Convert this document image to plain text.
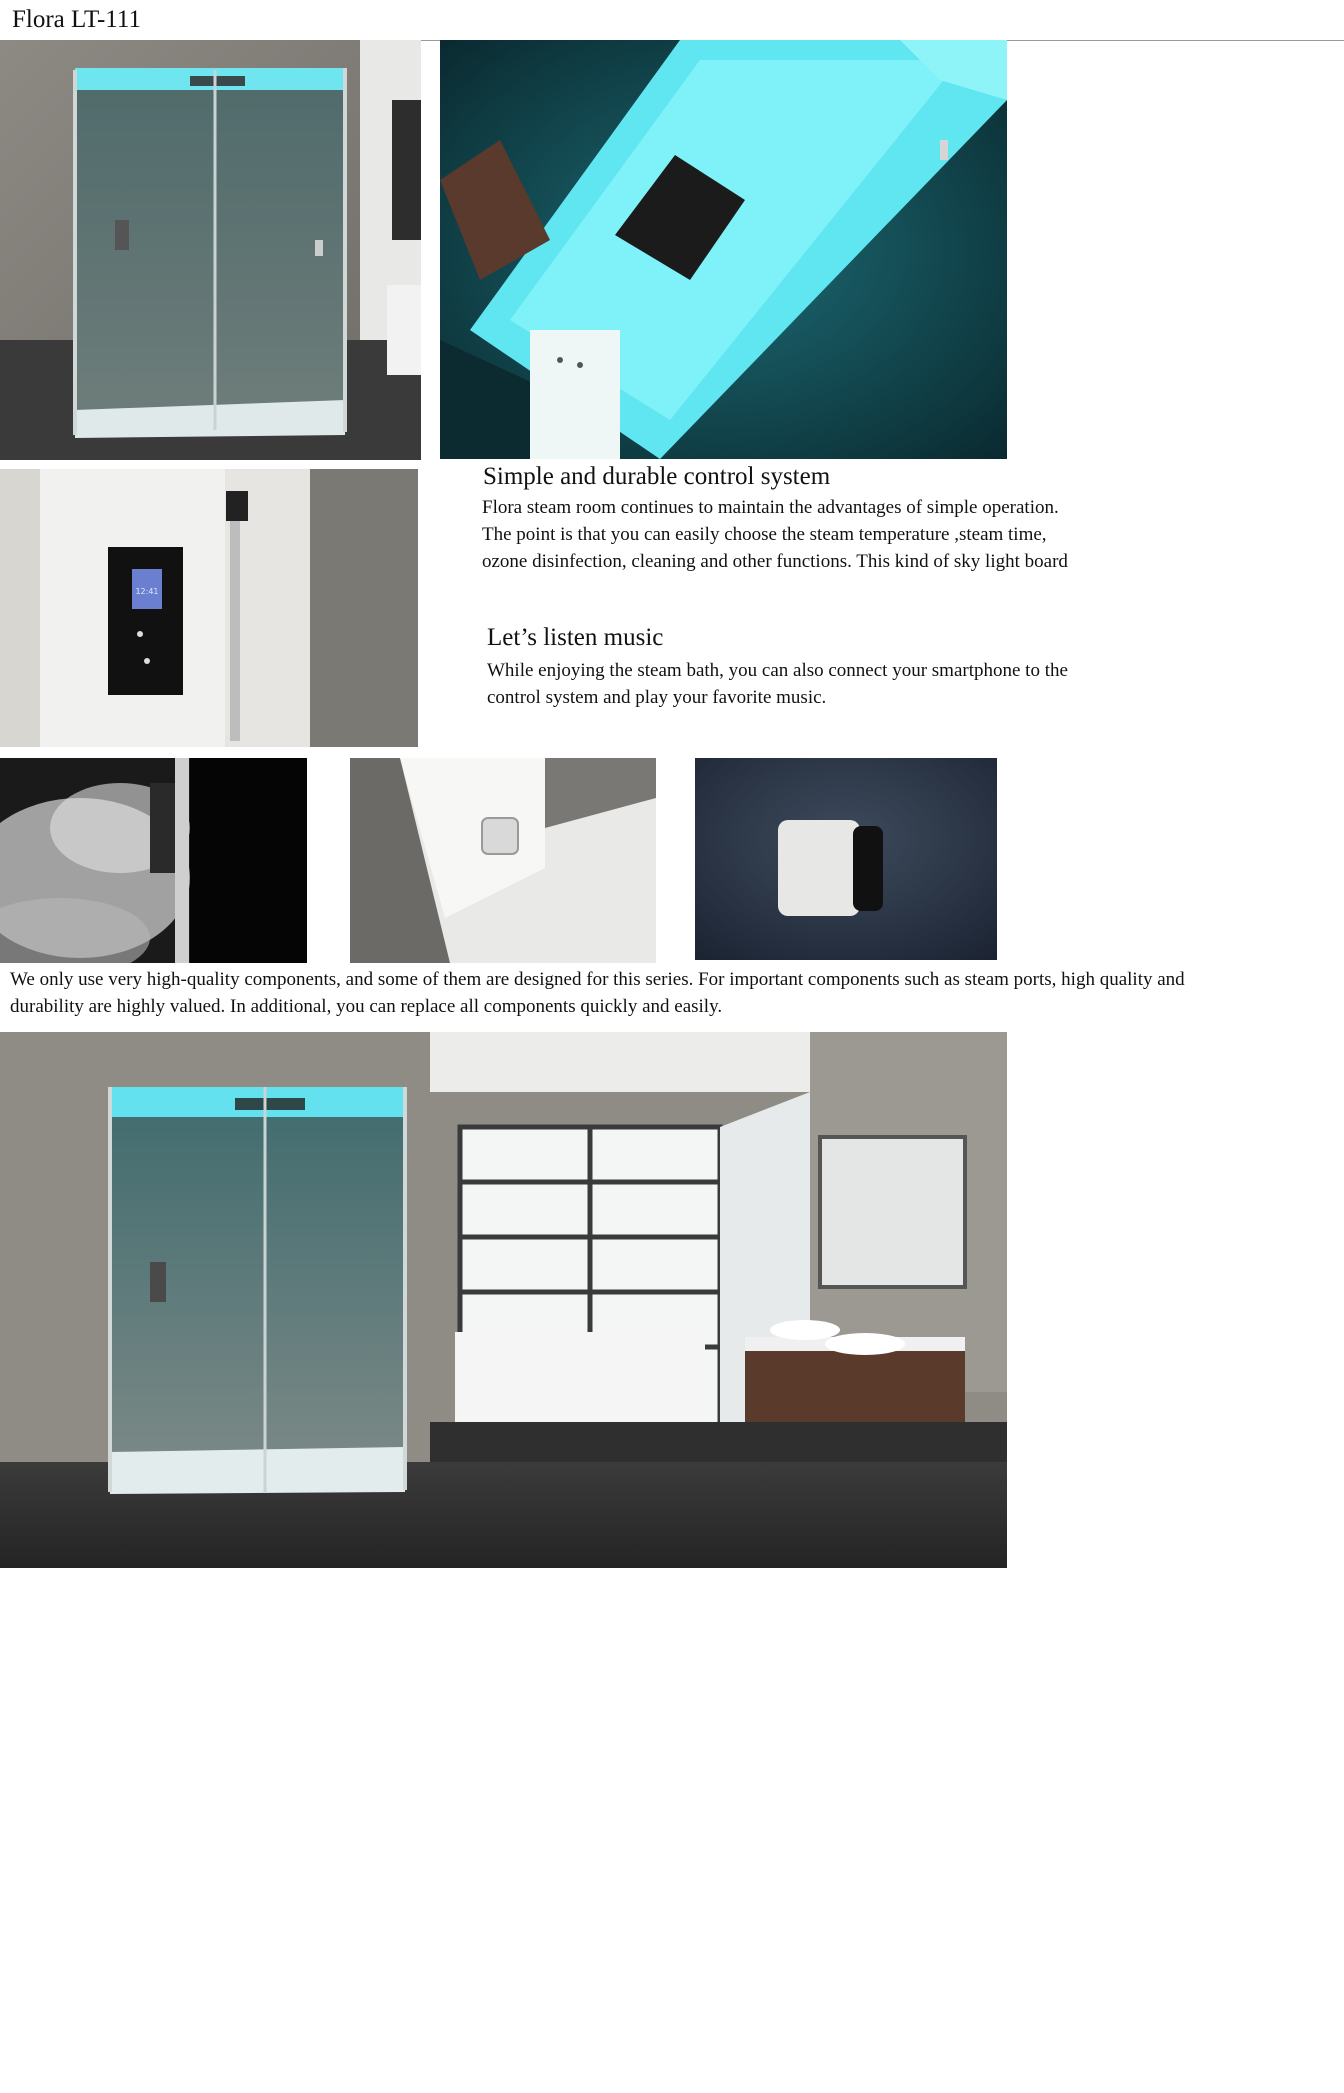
Flora LT-111
12:41
Simple and durable control system
Flora steam room continues to maintain the advantages of simple operation.
The point is that you can easily choose the steam temperature ,steam time,
ozone disinfection, cleaning and other functions. This kind of sky light board
Let’s listen music
While enjoying the steam bath, you can also connect your smartphone to the
control system and play your favorite music.
We only use very high-quality components, and some of them are designed for this series. For important components such as steam ports, high quality and
durability are highly valued. In additional, you can replace all components quickly and easily.
